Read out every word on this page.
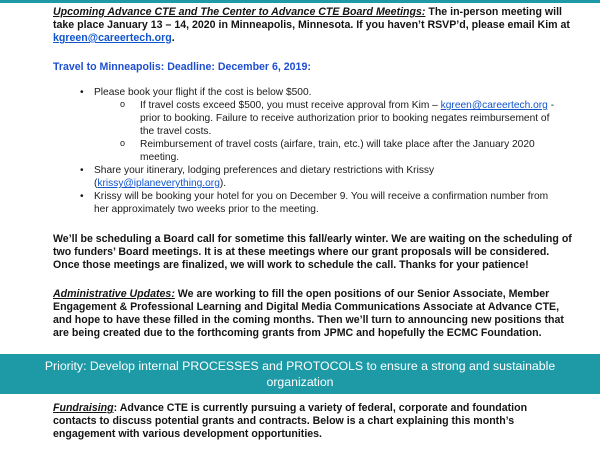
Upcoming Advance CTE and The Center to Advance CTE Board Meetings: The in-person meeting will take place January 13 – 14, 2020 in Minneapolis, Minnesota. If you haven’t RSVP’d, please email Kim at kgreen@careertech.org.

Travel to Minneapolis: Deadline: December 6, 2019:

• Please book your flight if the cost is below $500.
o If travel costs exceed $500, you must receive approval from Kim – kgreen@careertech.org - prior to booking. Failure to receive authorization prior to booking negates reimbursement of the travel costs.
o Reimbursement of travel costs (airfare, train, etc.) will take place after the January 2020 meeting.
• Share your itinerary, lodging preferences and dietary restrictions with Krissy (krissy@iplaneverything.org).
• Krissy will be booking your hotel for you on December 9. You will receive a confirmation number from her approximately two weeks prior to the meeting.

We’ll be scheduling a Board call for sometime this fall/early winter. We are waiting on the scheduling of two funders’ Board meetings. It is at these meetings where our grant proposals will be considered. Once those meetings are finalized, we will work to schedule the call. Thanks for your patience!

Administrative Updates: We are working to fill the open positions of our Senior Associate, Member Engagement & Professional Learning and Digital Media Communications Associate at Advance CTE, and hope to have these filled in the coming months. Then we’ll turn to announcing new positions that are being created due to the forthcoming grants from JPMC and hopefully the ECMC Foundation.

Priority: Develop internal PROCESSES and PROTOCOLS to ensure a strong and sustainable
organization

Fundraising: Advance CTE is currently pursuing a variety of federal, corporate and foundation contacts to discuss potential grants and contracts. Below is a chart explaining this month’s engagement with various development opportunities.
